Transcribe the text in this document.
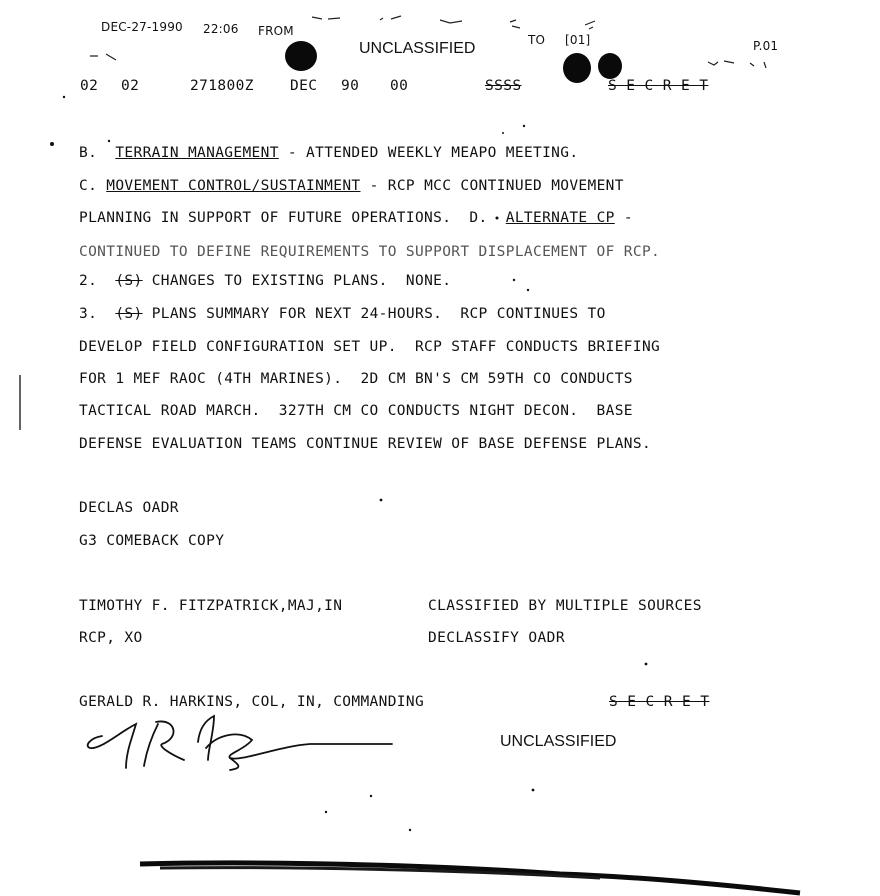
DEC-27-1990 22:06 FROM
TO [01]	P.01
UNCLASSIFIED
02 02	271800Z DEC 90 00	SSSS	S E C R E T
B. TERRAIN MANAGEMENT - ATTENDED WEEKLY MEAPO MEETING.
C. MOVEMENT CONTROL/SUSTAINMENT - RCP MCC CONTINUED MOVEMENT
PLANNING IN SUPPORT OF FUTURE OPERATIONS.  D. ALTERNATE CP -
CONTINUED TO DEFINE REQUIREMENTS TO SUPPORT DISPLACEMENT OF RCP.
2. (S) CHANGES TO EXISTING PLANS.  NONE.
3. (S) PLANS SUMMARY FOR NEXT 24-HOURS.  RCP CONTINUES TO
DEVELOP FIELD CONFIGURATION SET UP.  RCP STAFF CONDUCTS BRIEFING
FOR 1 MEF RAOC (4TH MARINES).  2D CM BN'S CM 59TH CO CONDUCTS
TACTICAL ROAD MARCH.  327TH CM CO CONDUCTS NIGHT DECON.  BASE
DEFENSE EVALUATION TEAMS CONTINUE REVIEW OF BASE DEFENSE PLANS.
DECLAS OADR
G3 COMEBACK COPY
TIMOTHY F. FITZPATRICK,MAJ,IN	CLASSIFIED BY MULTIPLE SOURCES
RCP, XO	DECLASSIFY OADR
GERALD R. HARKINS, COL, IN, COMMANDING	S E C R E T
UNCLASSIFIED
